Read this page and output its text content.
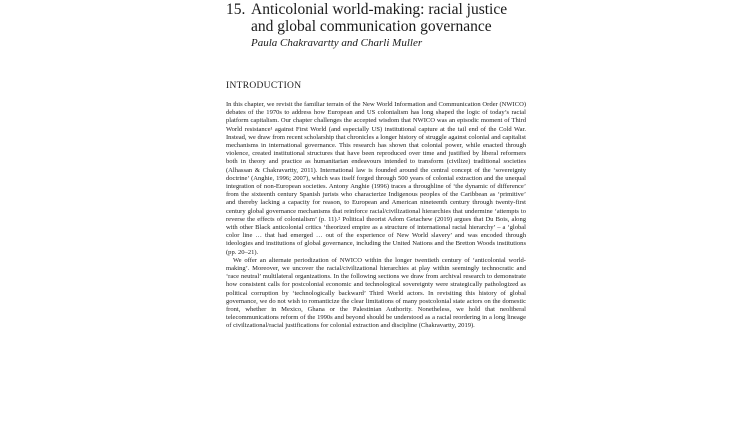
15. Anticolonial world-making: racial justice and global communication governance
Paula Chakravartty and Charli Muller
INTRODUCTION

In this chapter, we revisit the familiar terrain of the New World Information and Communication Order (NWICO) debates of the 1970s to address how European and US colonialism has long shaped the logic of today’s racial platform capitalism. Our chapter challenges the accepted wisdom that NWICO was an episodic moment of Third World resistance¹ against First World (and especially US) institutional capture at the tail end of the Cold War. Instead, we draw from recent scholarship that chronicles a longer history of struggle against colonial and capitalist mechanisms in international governance. This research has shown that colonial power, while enacted through violence, created institutional structures that have been reproduced over time and justified by liberal reformers both in theory and practice as humanitarian endeavours intended to transform (civilize) traditional societies (Alhassan & Chakravartty, 2011). International law is founded around the central concept of the ‘sovereignty doctrine’ (Anghie, 1996; 2007), which was itself forged through 500 years of colonial extraction and the unequal integration of non-European societies. Antony Anghie (1996) traces a throughline of ‘the dynamic of difference’ from the sixteenth century Spanish jurists who characterize Indigenous peoples of the Caribbean as ‘primitive’ and thereby lacking a capacity for reason, to European and American nineteenth century through twenty-first century global governance mechanisms that reinforce racial/civilizational hierarchies that undermine ‘attempts to reverse the effects of colonialism’ (p. 11).² Political theorist Adom Getachew (2019) argues that Du Bois, along with other Black anticolonial critics ‘theorized empire as a structure of international racial hierarchy’ – a ‘global color line … that had emerged … out of the experience of New World slavery’ and was encoded through ideologies and institutions of global governance, including the United Nations and the Bretton Woods institutions (pp. 20–21).

We offer an alternate periodization of NWICO within the longer twentieth century of ‘anticolonial world-making’. Moreover, we uncover the racial/civilizational hierarchies at play within seemingly technocratic and ‘race neutral’ multilateral organizations. In the following sections we draw from archival research to demonstrate how consistent calls for postcolonial economic and technological sovereignty were strategically pathologized as political corruption by ‘technologically backward’ Third World actors. In revisiting this history of global governance, we do not wish to romanticize the clear limitations of many postcolonial state actors on the domestic front, whether in Mexico, Ghana or the Palestinian Authority. Nonetheless, we hold that neoliberal telecommunications reform of the 1990s and beyond should be understood as a racial reordering in a long lineage of civilizational/racial justifications for colonial extraction and discipline (Chakravartty, 2019).
